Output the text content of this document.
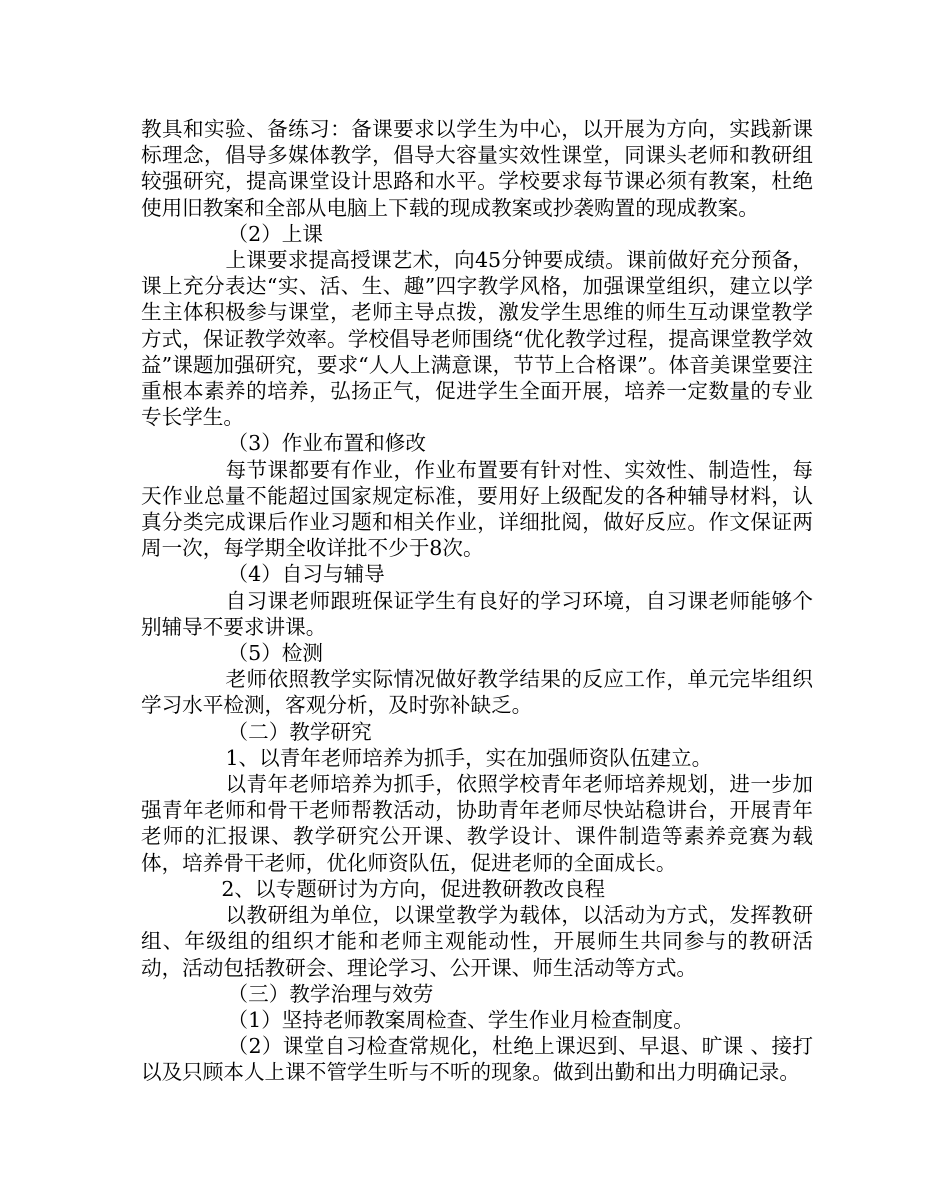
教具和实验、备练习：备课要求以学生为中心，以开展为方向，实践新课标理念，倡导多媒体教学，倡导大容量实效性课堂，同课头老师和教研组较强研究，提高课堂设计思路和水平。学校要求每节课必须有教案，杜绝使用旧教案和全部从电脑上下载的现成教案或抄袭购置的现成教案。

（2）上课

上课要求提高授课艺术，向45分钟要成绩。课前做好充分预备，课上充分表达“实、活、生、趣”四字教学风格，加强课堂组织，建立以学生主体积极参与课堂，老师主导点拨，激发学生思维的师生互动课堂教学方式，保证教学效率。学校倡导老师围绕“优化教学过程，提高课堂教学效益”课题加强研究，要求“人人上满意课，节节上合格课”。体音美课堂要注重根本素养的培养，弘扬正气，促进学生全面开展，培养一定数量的专业专长学生。

（3）作业布置和修改

每节课都要有作业，作业布置要有针对性、实效性、制造性，每天作业总量不能超过国家规定标准，要用好上级配发的各种辅导材料，认真分类完成课后作业习题和相关作业，详细批阅，做好反应。作文保证两周一次，每学期全收详批不少于8次。

（4）自习与辅导

自习课老师跟班保证学生有良好的学习环境，自习课老师能够个别辅导不要求讲课。

（5）检测

老师依照教学实际情况做好教学结果的反应工作，单元完毕组织学习水平检测，客观分析，及时弥补缺乏。

（二）教学研究

1、以青年老师培养为抓手，实在加强师资队伍建立。

以青年老师培养为抓手，依照学校青年老师培养规划，进一步加强青年老师和骨干老师帮教活动，协助青年老师尽快站稳讲台，开展青年老师的汇报课、教学研究公开课、教学设计、课件制造等素养竞赛为载体，培养骨干老师，优化师资队伍，促进老师的全面成长。

2、以专题研讨为方向，促进教研教改良程

以教研组为单位，以课堂教学为载体，以活动为方式，发挥教研组、年级组的组织才能和老师主观能动性，开展师生共同参与的教研活动，活动包括教研会、理论学习、公开课、师生活动等方式。

（三）教学治理与效劳

（1）坚持老师教案周检查、学生作业月检查制度。

（2）课堂自习检查常规化，杜绝上课迟到、早退、旷课 、接打以及只顾本人上课不管学生听与不听的现象。做到出勤和出力明确记录。
